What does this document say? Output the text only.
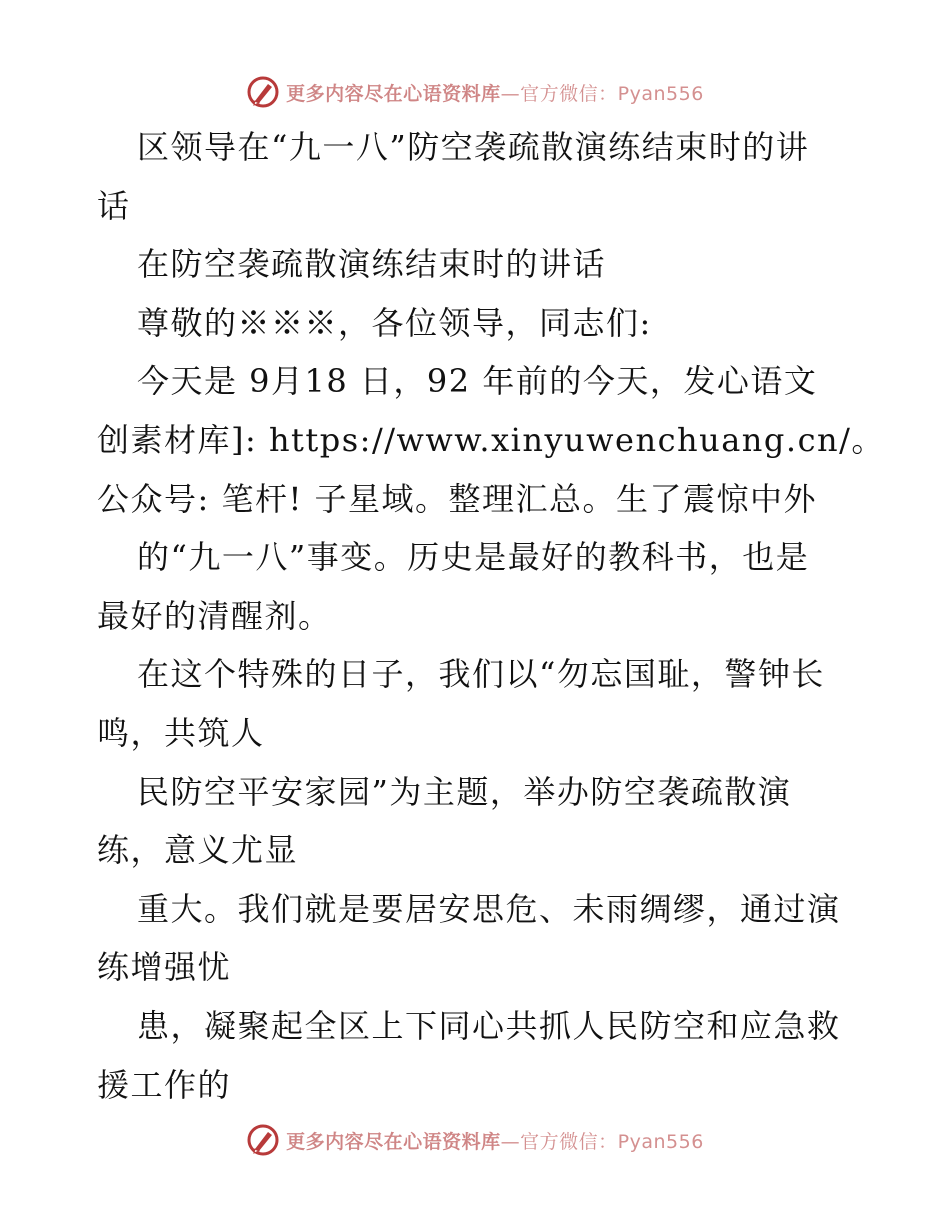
更多内容尽在心语资料库—官方微信：Pyan556
区领导在“九一八”防空袭疏散演练结束时的讲
话
在防空袭疏散演练结束时的讲话
尊敬的※※※，各位领导，同志们:
今天是 9月18 日，92 年前的今天，发心语文
创素材库]: https://www.xinyuwenchuang.cn/。
公众号: 笔杆! 子星域。整理汇总。生了震惊中外
的“九一八”事变。历史是最好的教科书，也是
最好的清醒剂。
在这个特殊的日子，我们以“勿忘国耻，警钟长
鸣，共筑人
民防空平安家园”为主题，举办防空袭疏散演
练，意义尤显
重大。我们就是要居安思危、未雨绸缪，通过演
练增强忧
患，凝聚起全区上下同心共抓人民防空和应急救
援工作的
更多内容尽在心语资料库—官方微信：Pyan556
